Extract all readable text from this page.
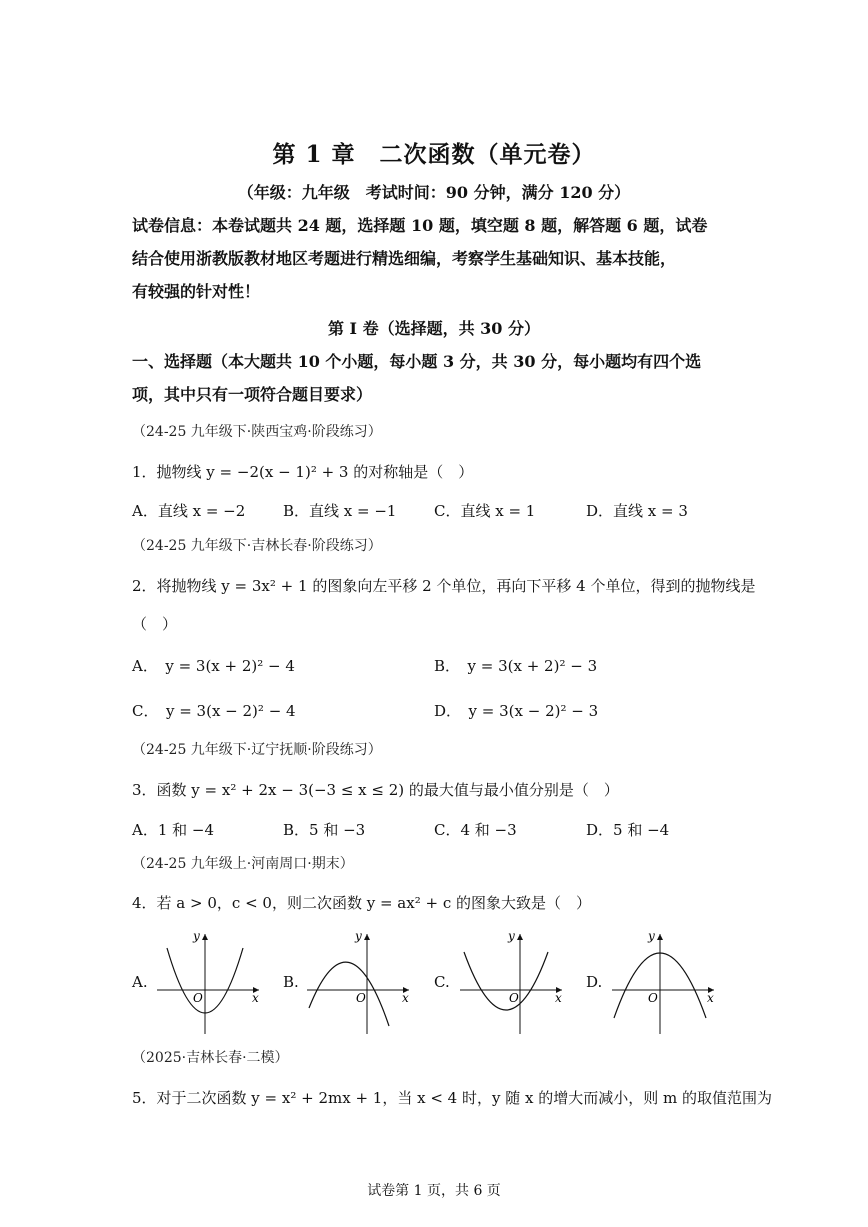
第 1 章　二次函数（单元卷）
（年级：九年级　考试时间：90 分钟，满分 120 分）
试卷信息：本卷试题共 24 题，选择题 10 题，填空题 8 题，解答题 6 题，试卷
结合使用浙教版教材地区考题进行精选细编，考察学生基础知识、基本技能，
有较强的针对性！
第 I 卷（选择题，共 30 分）
一、选择题（本大题共 10 个小题，每小题 3 分，共 30 分，每小题均有四个选
项，其中只有一项符合题目要求）
（24-25 九年级下·陕西宝鸡·阶段练习）
1．抛物线 y = −2(x − 1)² + 3 的对称轴是（　）
A．直线 x = −2	B．直线 x = −1	C．直线 x = 1	D．直线 x = 3
（24-25 九年级下·吉林长春·阶段练习）
2．将抛物线 y = 3x² + 1 的图象向左平移 2 个单位，再向下平移 4 个单位，得到的抛物线是
（　）
A．　y = 3(x + 2)² − 4	B．　y = 3(x + 2)² − 3
C．　y = 3(x − 2)² − 4	D．　y = 3(x − 2)² − 3
（24-25 九年级下·辽宁抚顺·阶段练习）
3．函数 y = x² + 2x − 3(−3 ≤ x ≤ 2) 的最大值与最小值分别是（　）
A．1 和 −4	B．5 和 −3	C．4 和 −3	D．5 和 −4
（24-25 九年级上·河南周口·期末）
4．若 a > 0，c < 0，则二次函数 y = ax² + c 的图象大致是（　）
A.	B.	C.	D.
y
x
O
y
x
O
y
x
O
y
x
O
（2025·吉林长春·二模）
5．对于二次函数 y = x² + 2mx + 1，当 x < 4 时，y 随 x 的增大而减小，则 m 的取值范围为
试卷第 1 页，共 6 页
